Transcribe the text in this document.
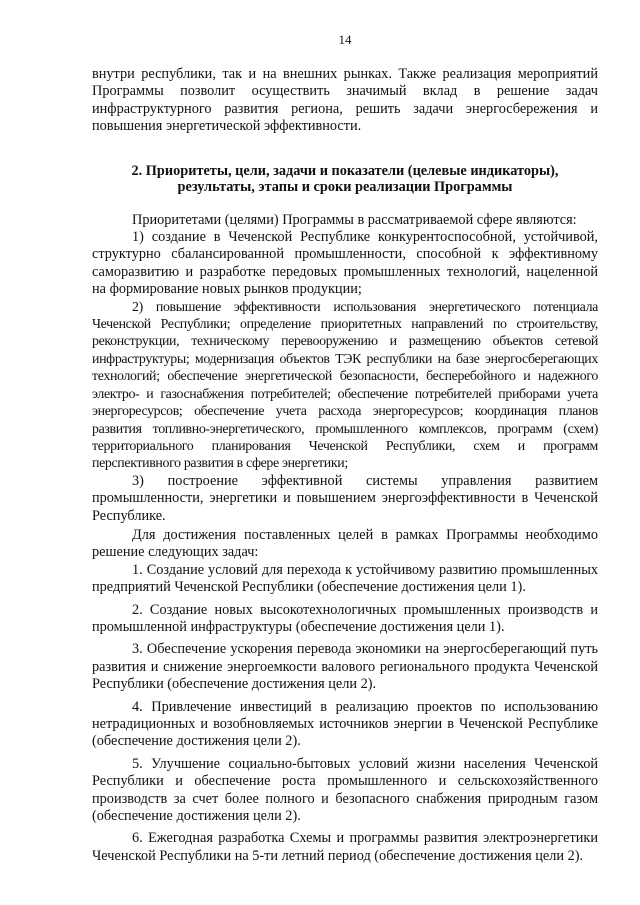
14

внутри республики, так и на внешних рынках. Также реализация мероприятий Программы позволит осуществить значимый вклад в решение задач инфраструктурного развития региона, решить задачи энергосбережения и повышения энергетической эффективности.

2. Приоритеты, цели, задачи и показатели (целевые индикаторы),
результаты, этапы и сроки реализации Программы

Приоритетами (целями) Программы в рассматриваемой сфере являются:

1) создание в Чеченской Республике конкурентоспособной, устойчивой, структурно сбалансированной промышленности, способной к эффективному саморазвитию и разработке передовых промышленных технологий, нацеленной на формирование новых рынков продукции;

2) повышение эффективности использования энергетического потенциала Чеченской Республики; определение приоритетных направлений по строительству, реконструкции, техническому перевооружению и размещению объектов сетевой инфраструктуры; модернизация объектов ТЭК республики на базе энергосберегающих технологий; обеспечение энергетической безопасности, бесперебойного и надежного электро- и газоснабжения потребителей; обеспечение потребителей приборами учета энергоресурсов; обеспечение учета расхода энергоресурсов; координация планов развития топливно-энергетического, промышленного комплексов, программ (схем) территориального планирования Чеченской Республики, схем и программ перспективного развития в сфере энергетики;

3) построение эффективной системы управления развитием промышленности, энергетики и повышением энергоэффективности в Чеченской Республике.

Для достижения поставленных целей в рамках Программы необходимо решение следующих задач:

1. Создание условий для перехода к устойчивому развитию промышленных предприятий Чеченской Республики (обеспечение достижения цели 1).

2. Создание новых высокотехнологичных промышленных производств и промышленной инфраструктуры (обеспечение достижения цели 1).

3. Обеспечение ускорения перевода экономики на энергосберегающий путь развития и снижение энергоемкости валового регионального продукта Чеченской Республики (обеспечение достижения цели 2).

4. Привлечение инвестиций в реализацию проектов по использованию нетрадиционных и возобновляемых источников энергии в Чеченской Республике (обеспечение достижения цели 2).

5. Улучшение социально-бытовых условий жизни населения Чеченской Республики и обеспечение роста промышленного и сельскохозяйственного производств за счет более полного и безопасного снабжения природным газом (обеспечение достижения цели 2).

6. Ежегодная разработка Схемы и программы развития электроэнергетики Чеченской Республики на 5-ти летний период (обеспечение достижения цели 2).
